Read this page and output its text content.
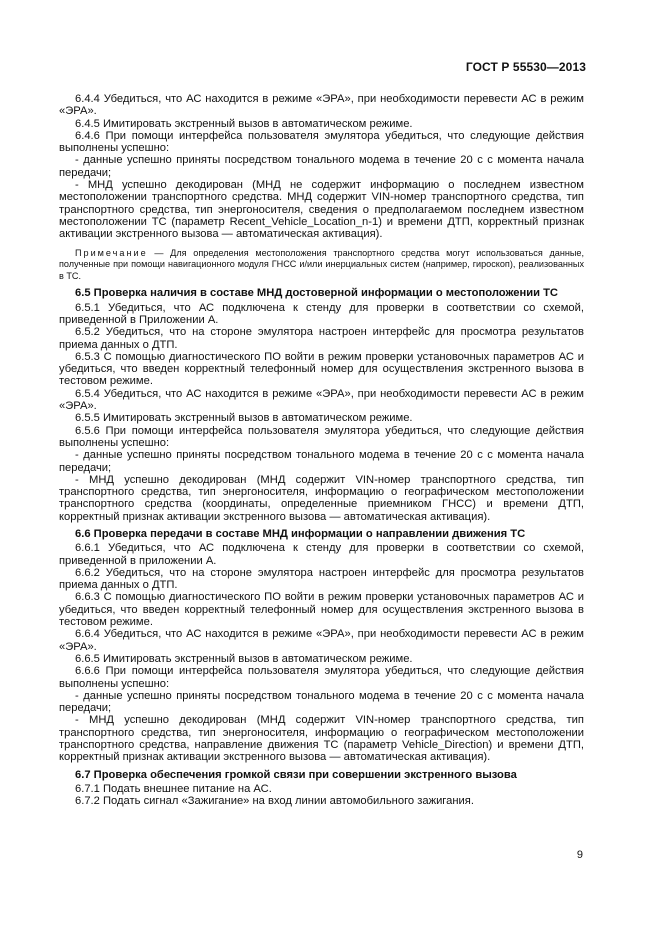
ГОСТ Р 55530—2013

6.4.4 Убедиться, что АС находится в режиме «ЭРА», при необходимости перевести АС в режим «ЭРА».

6.4.5 Имитировать экстренный вызов в автоматическом режиме.

6.4.6 При помощи интерфейса пользователя эмулятора убедиться, что следующие действия выполнены успешно:

- данные успешно приняты посредством тонального модема в течение 20 с с момента начала передачи;

- МНД успешно декодирован (МНД не содержит информацию о последнем известном местоположении транспортного средства. МНД содержит VIN-номер транспортного средства, тип транспортного средства, тип энергоносителя, сведения о предполагаемом последнем известном местоположении ТС (параметр Recent_Vehicle_Location_n-1) и времени ДТП, корректный признак активации экстренного вызова — автоматическая активация).

Примечание — Для определения местоположения транспортного средства могут использоваться данные, полученные при помощи навигационного модуля ГНСС и/или инерциальных систем (например, гироскоп), реализованных в ТС.

6.5 Проверка наличия в составе МНД достоверной информации о местоположении ТС

6.5.1 Убедиться, что АС подключена к стенду для проверки в соответствии со схемой, приведенной в Приложении А.

6.5.2 Убедиться, что на стороне эмулятора настроен интерфейс для просмотра результатов приема данных о ДТП.

6.5.3 С помощью диагностического ПО войти в режим проверки установочных параметров АС и убедиться, что введен корректный телефонный номер для осуществления экстренного вызова в тестовом режиме.

6.5.4 Убедиться, что АС находится в режиме «ЭРА», при необходимости перевести АС в режим «ЭРА».

6.5.5 Имитировать экстренный вызов в автоматическом режиме.

6.5.6 При помощи интерфейса пользователя эмулятора убедиться, что следующие действия выполнены успешно:

- данные успешно приняты посредством тонального модема в течение 20 с с момента начала передачи;

- МНД успешно декодирован (МНД содержит VIN-номер транспортного средства, тип транспортного средства, тип энергоносителя, информацию о географическом местоположении транспортного средства (координаты, определенные приемником ГНСС) и времени ДТП, корректный признак активации экстренного вызова — автоматическая активация).

6.6 Проверка передачи в составе МНД информации о направлении движения ТС

6.6.1 Убедиться, что АС подключена к стенду для проверки в соответствии со схемой, приведенной в приложении А.

6.6.2 Убедиться, что на стороне эмулятора настроен интерфейс для просмотра результатов приема данных о ДТП.

6.6.3 С помощью диагностического ПО войти в режим проверки установочных параметров АС и убедиться, что введен корректный телефонный номер для осуществления экстренного вызова в тестовом режиме.

6.6.4 Убедиться, что АС находится в режиме «ЭРА», при необходимости перевести АС в режим «ЭРА».

6.6.5 Имитировать экстренный вызов в автоматическом режиме.

6.6.6 При помощи интерфейса пользователя эмулятора убедиться, что следующие действия выполнены успешно:

- данные успешно приняты посредством тонального модема в течение 20 с с момента начала передачи;

- МНД успешно декодирован (МНД содержит VIN-номер транспортного средства, тип транспортного средства, тип энергоносителя, информацию о географическом местоположении транспортного средства, направление движения ТС (параметр Vehicle_Direction) и времени ДТП, корректный признак активации экстренного вызова — автоматическая активация).

6.7 Проверка обеспечения громкой связи при совершении экстренного вызова

6.7.1 Подать внешнее питание на АС.

6.7.2 Подать сигнал «Зажигание» на вход линии автомобильного зажигания.

9
